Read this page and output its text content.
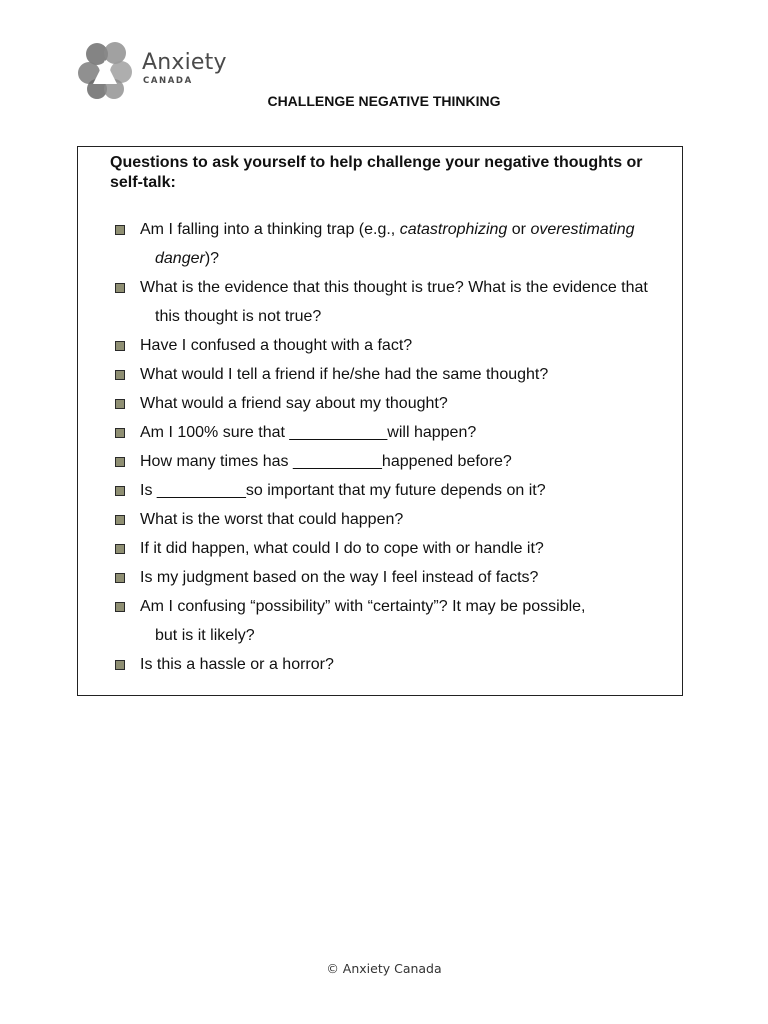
Anxiety
CANADA
CHALLENGE NEGATIVE THINKING
Questions to ask yourself to help challenge your negative thoughts or self-talk:
Am I falling into a thinking trap (e.g., catastrophizing or overestimating
danger)?
What is the evidence that this thought is true? What is the evidence that
this thought is not true?
Have I confused a thought with a fact?
What would I tell a friend if he/she had the same thought?
What would a friend say about my thought?
Am I 100% sure that ___________will happen?
How many times has __________happened before?
Is __________so important that my future depends on it?
What is the worst that could happen?
If it did happen, what could I do to cope with or handle it?
Is my judgment based on the way I feel instead of facts?
Am I confusing “possibility” with “certainty”? It may be possible,
but is it likely?
Is this a hassle or a horror?
© Anxiety Canada
